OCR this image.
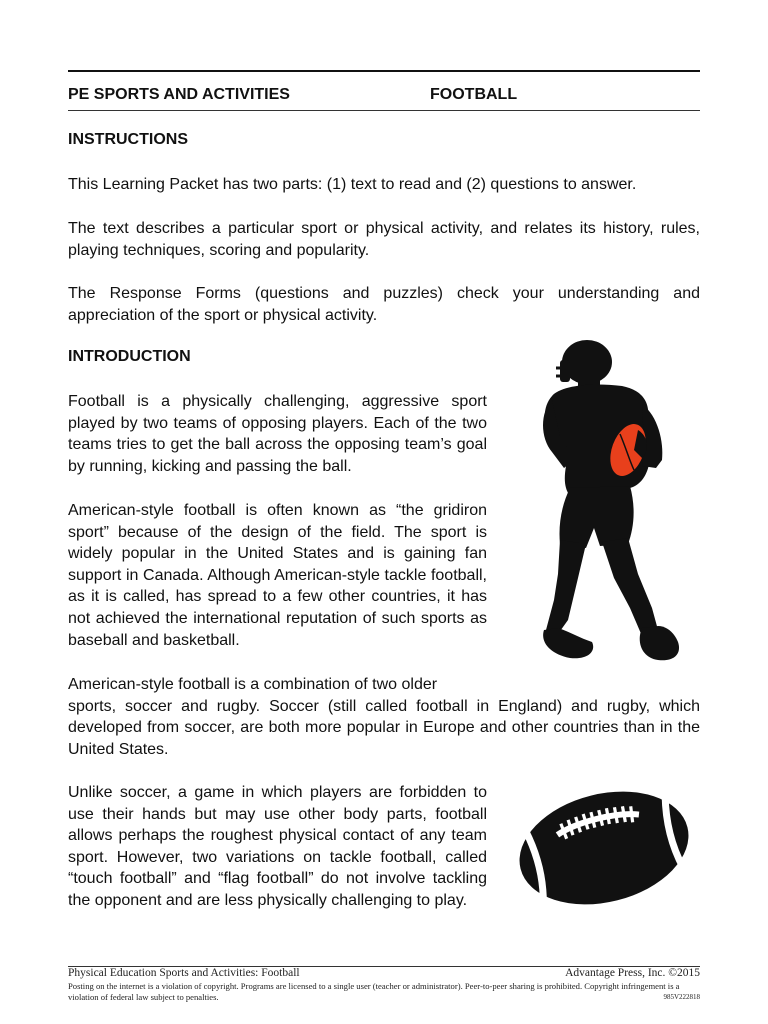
PE SPORTS AND ACTIVITIES	FOOTBALL
INSTRUCTIONS

This Learning Packet has two parts: (1) text to read and (2) questions to answer.

The text describes a particular sport or physical activity, and relates its history, rules, playing techniques, scoring and popularity.

The Response Forms (questions and puzzles) check your understanding and appreciation of the sport or physical activity.

INTRODUCTION

Football is a physically challenging, aggressive sport played by two teams of opposing players. Each of the two teams tries to get the ball across the opposing team’s goal by running, kicking and passing the ball.

American-style football is often known as “the gridiron sport” because of the design of the field. The sport is widely popular in the United States and is gaining fan support in Canada. Although American-style tackle football, as it is called, has spread to a few other countries, it has not achieved the international reputation of such sports as baseball and basketball.

American-style football is a combination of two older

sports, soccer and rugby. Soccer (still called football in England) and rugby, which developed from soccer, are both more popular in Europe and other countries than in the United States.

Unlike soccer, a game in which players are forbidden to use their hands but may use other body parts, football allows perhaps the roughest physical contact of any team sport. However, two variations on tackle football, called “touch football” and “flag football” do not involve tackling the opponent and are less physically challenging to play.

Physical Education Sports and Activities: Football	Advantage Press, Inc. ©2015

Posting on the internet is a violation of copyright. Programs are licensed to a single user (teacher or administrator). Peer-to-peer sharing is prohibited. Copyright infringement is a violation of federal law subject to penalties.	985V222818
